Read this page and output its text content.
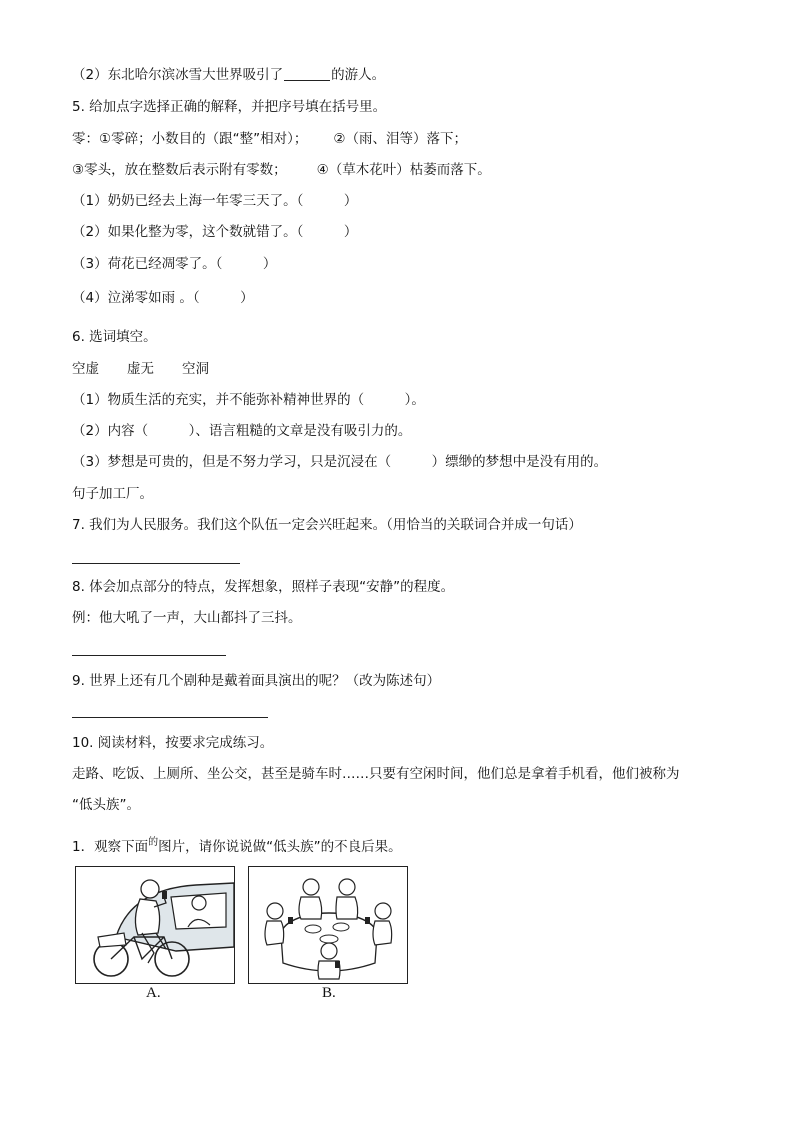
（2）东北哈尔滨冰雪大世界吸引了	的游人。
5. 给加点字选择正确的解释，并把序号填在括号里。
零：①零碎；小数目的（跟“整”相对）； ②（雨、泪等）落下；
③零头，放在整数后表示附有零数； ④（草木花叶）枯萎而落下。
（1）奶奶已经去上海一年零三天了。（　　　）
（2）如果化整为零，这个数就错了。（　　　）
（3）荷花已经凋零了。（　　　）
（4）泣涕零如雨 。（　　　）
6. 选词填空。
空虚 虚无 空洞
（1）物质生活的充实，并不能弥补精神世界的（　　　）。
（2）内容（　　　）、语言粗糙的文章是没有吸引力的。
（3）梦想是可贵的，但是不努力学习，只是沉浸在（　　　）缥缈的梦想中是没有用的。
句子加工厂。
7. 我们为人民服务。我们这个队伍一定会兴旺起来。（用恰当的关联词合并成一句话）
8. 体会加点部分的特点，发挥想象，照样子表现“安静”的程度。
例：他大吼了一声，大山都抖了三抖。
9. 世界上还有几个剧种是戴着面具演出的呢？（改为陈述句）
10. 阅读材料，按要求完成练习。
走路、吃饭、上厕所、坐公交，甚至是骑车时……只要有空闲时间，他们总是拿着手机看，他们被称为
“低头族”。
1．观察下面$^的$图片，请你说说做“低头族”的不良后果。
A.	B.
